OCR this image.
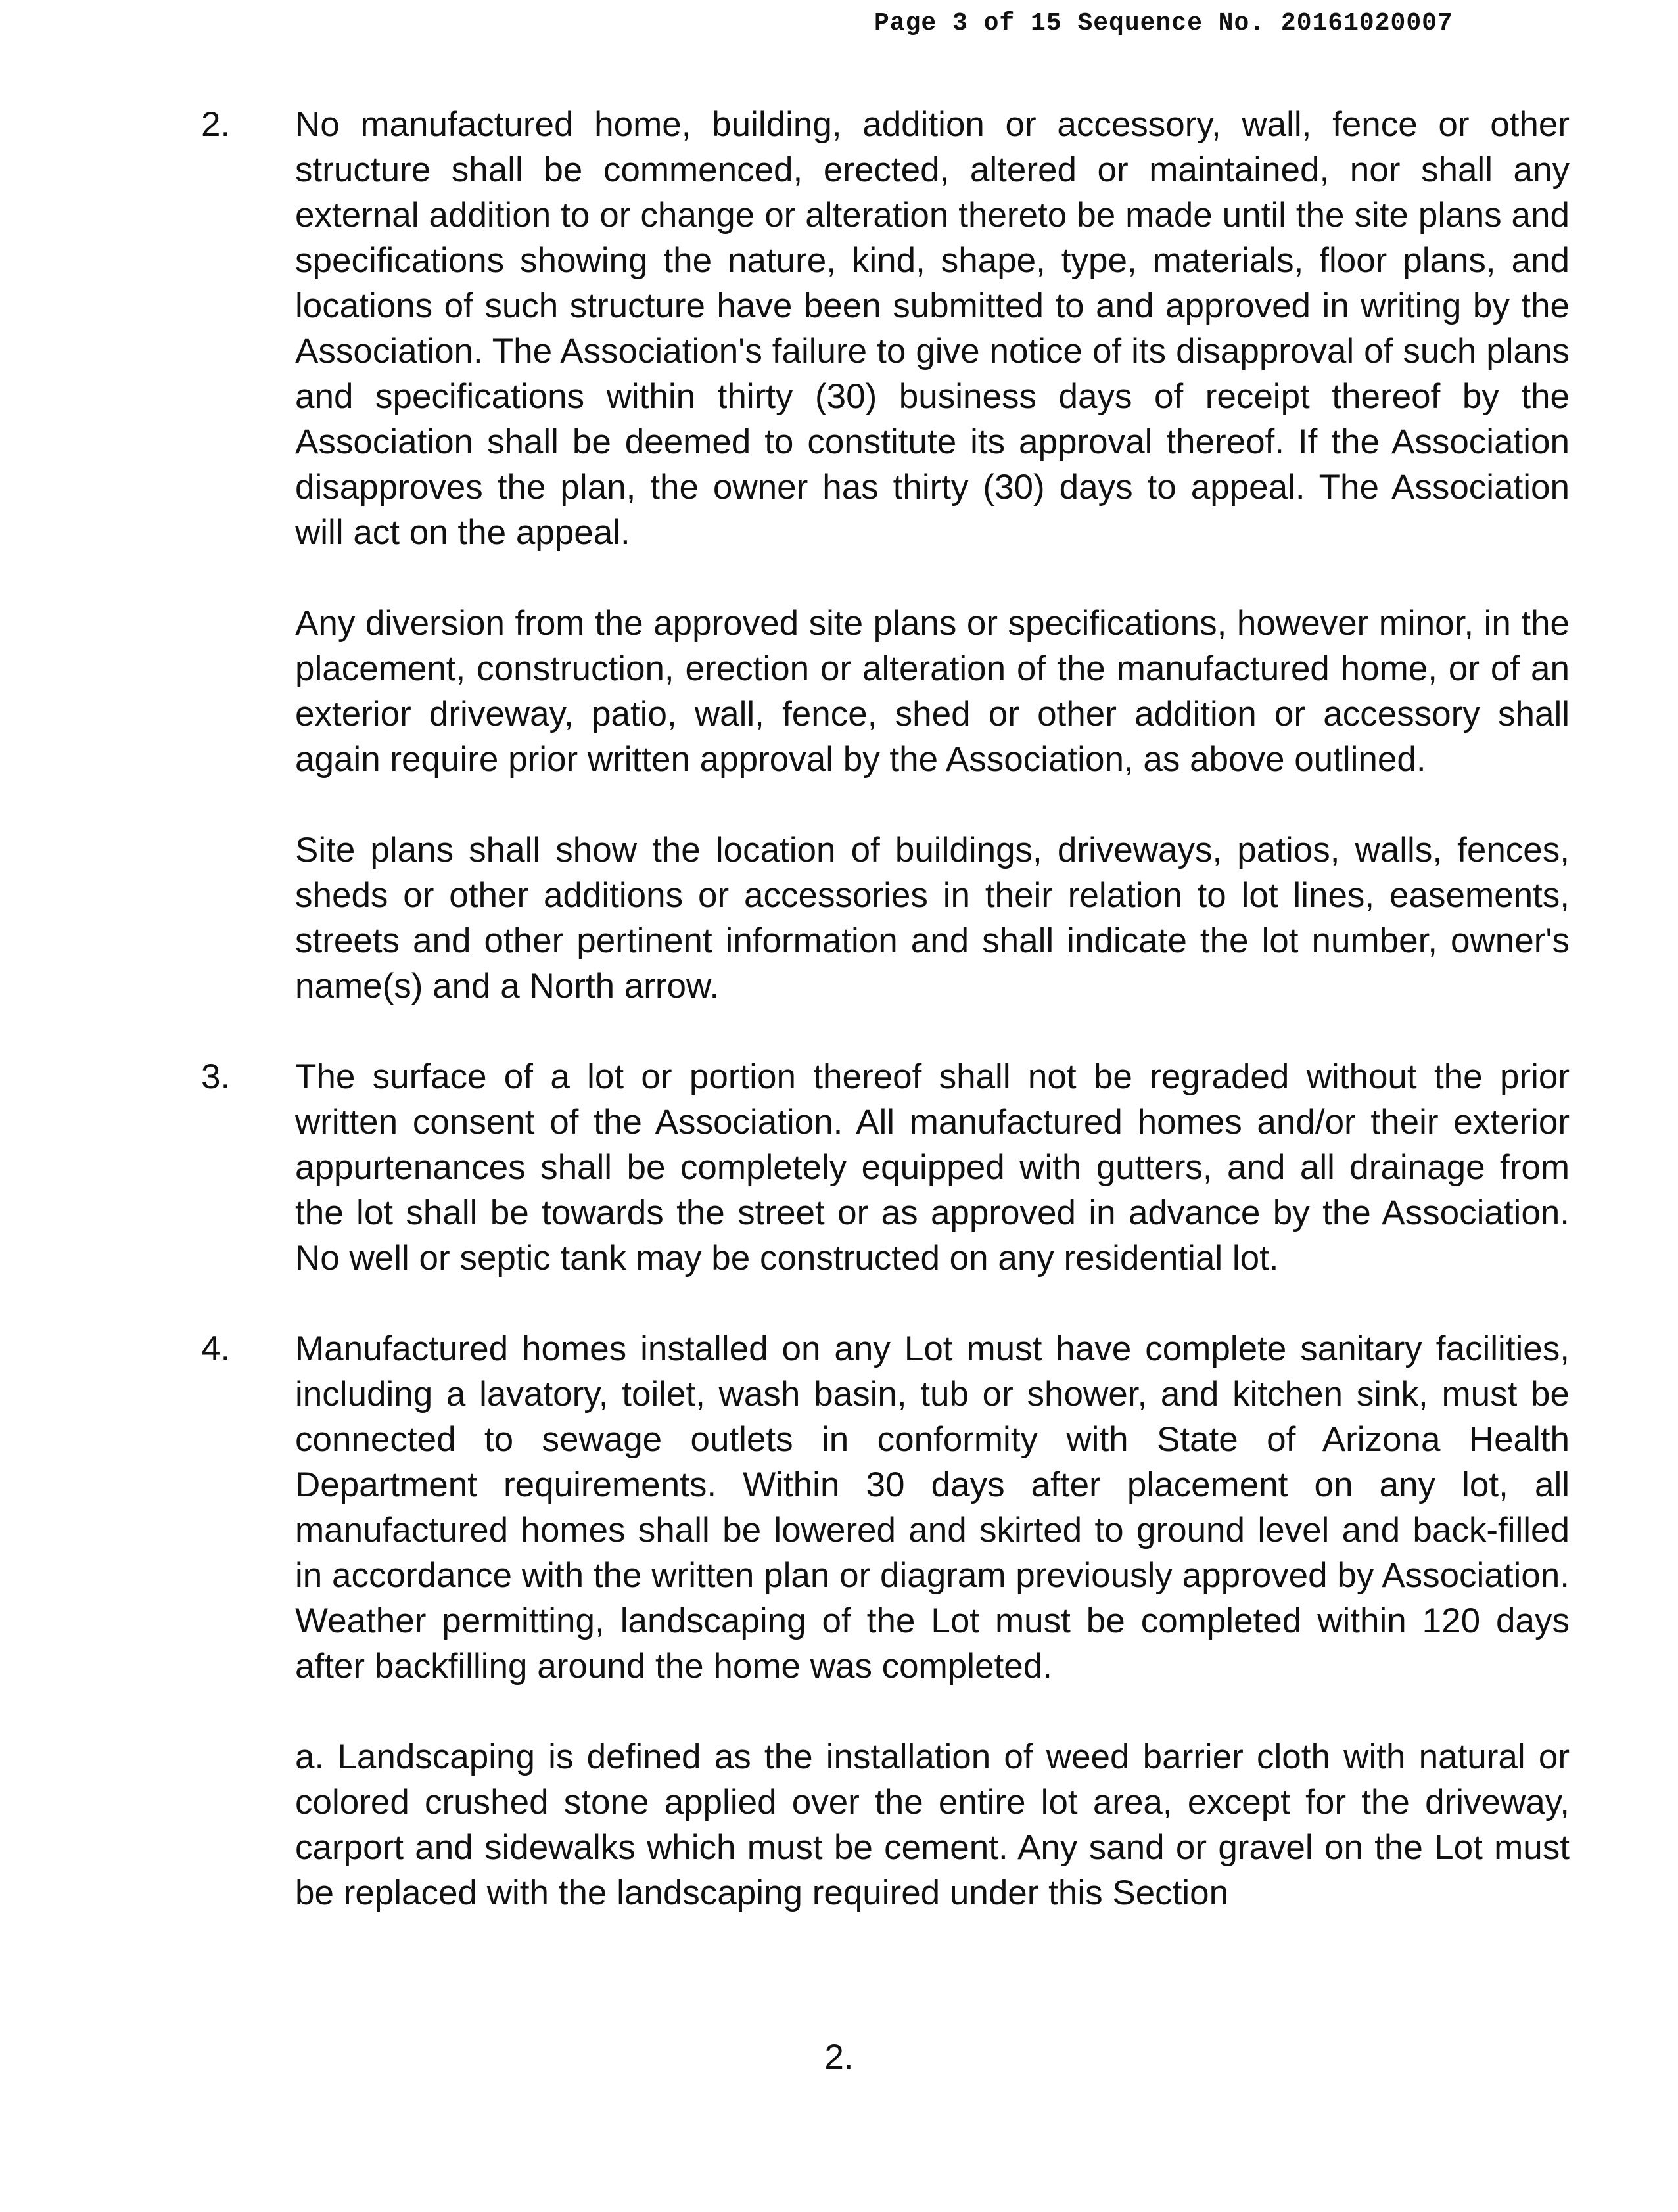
Page 3 of 15 Sequence No. 20161020007
2. No manufactured home, building, addition or accessory, wall, fence or other structure shall be commenced, erected, altered or maintained, nor shall any external addition to or change or alteration thereto be made until the site plans and specifications showing the nature, kind, shape, type, materials, floor plans, and locations of such structure have been submitted to and approved in writing by the Association. The Association's failure to give notice of its disapproval of such plans and specifications within thirty (30) business days of receipt thereof by the Association shall be deemed to constitute its approval thereof. If the Association disapproves the plan, the owner has thirty (30) days to appeal. The Association will act on the appeal.

Any diversion from the approved site plans or specifications, however minor, in the placement, construction, erection or alteration of the manufactured home, or of an exterior driveway, patio, wall, fence, shed or other addition or accessory shall again require prior written approval by the Association, as above outlined.

Site plans shall show the location of buildings, driveways, patios, walls, fences, sheds or other additions or accessories in their relation to lot lines, easements, streets and other pertinent information and shall indicate the lot number, owner's name(s) and a North arrow.

3. The surface of a lot or portion thereof shall not be regraded without the prior written consent of the Association. All manufactured homes and/or their exterior appurtenances shall be completely equipped with gutters, and all drainage from the lot shall be towards the street or as approved in advance by the Association. No well or septic tank may be constructed on any residential lot.

4. Manufactured homes installed on any Lot must have complete sanitary facilities, including a lavatory, toilet, wash basin, tub or shower, and kitchen sink, must be connected to sewage outlets in conformity with State of Arizona Health Department requirements. Within 30 days after placement on any lot, all manufactured homes shall be lowered and skirted to ground level and back-filled in accordance with the written plan or diagram previously approved by Association. Weather permitting, landscaping of the Lot must be completed within 120 days after backfilling around the home was completed.

a. Landscaping is defined as the installation of weed barrier cloth with natural or colored crushed stone applied over the entire lot area, except for the driveway, carport and sidewalks which must be cement. Any sand or gravel on the Lot must be replaced with the landscaping required under this Section

2.
